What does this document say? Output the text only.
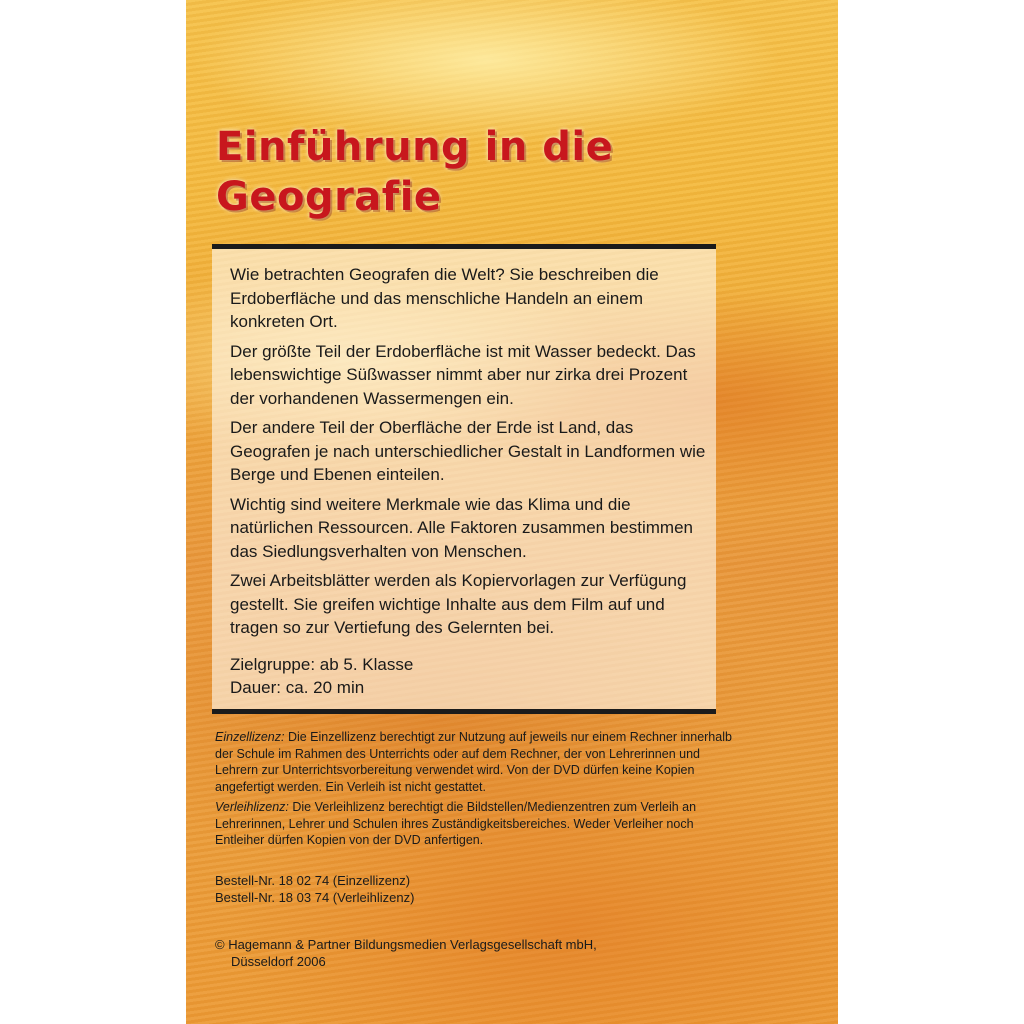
Einführung in die
Geografie

Wie betrachten Geografen die Welt? Sie beschreiben die Erdoberfläche und das menschliche Handeln an einem konkreten Ort.

Der größte Teil der Erdoberfläche ist mit Wasser bedeckt. Das lebenswichtige Süßwasser nimmt aber nur zirka drei Prozent der vorhandenen Wassermengen ein.

Der andere Teil der Oberfläche der Erde ist Land, das Geografen je nach unterschiedlicher Gestalt in Landformen wie Berge und Ebenen einteilen.

Wichtig sind weitere Merkmale wie das Klima und die natürlichen Ressourcen. Alle Faktoren zusammen bestimmen das Siedlungsverhalten von Menschen.

Zwei Arbeitsblätter werden als Kopiervorlagen zur Verfügung gestellt. Sie greifen wichtige Inhalte aus dem Film auf und tragen so zur Vertiefung des Gelernten bei.

Zielgruppe: ab 5. Klasse
Dauer: ca. 20 min

Einzellizenz: Die Einzellizenz berechtigt zur Nutzung auf jeweils nur einem Rechner innerhalb der Schule im Rahmen des Unterrichts oder auf dem Rechner, der von Lehrerinnen und Lehrern zur Unterrichtsvorbereitung verwendet wird. Von der DVD dürfen keine Kopien angefertigt werden. Ein Verleih ist nicht gestattet.

Verleihlizenz: Die Verleihlizenz berechtigt die Bildstellen/Medienzentren zum Verleih an Lehrerinnen, Lehrer und Schulen ihres Zuständigkeitsbereiches. Weder Verleiher noch Entleiher dürfen Kopien von der DVD anfertigen.

Bestell-Nr. 18 02 74 (Einzellizenz)
Bestell-Nr. 18 03 74 (Verleihlizenz)
© Hagemann & Partner Bildungsmedien Verlagsgesellschaft mbH,
Düsseldorf 2006
